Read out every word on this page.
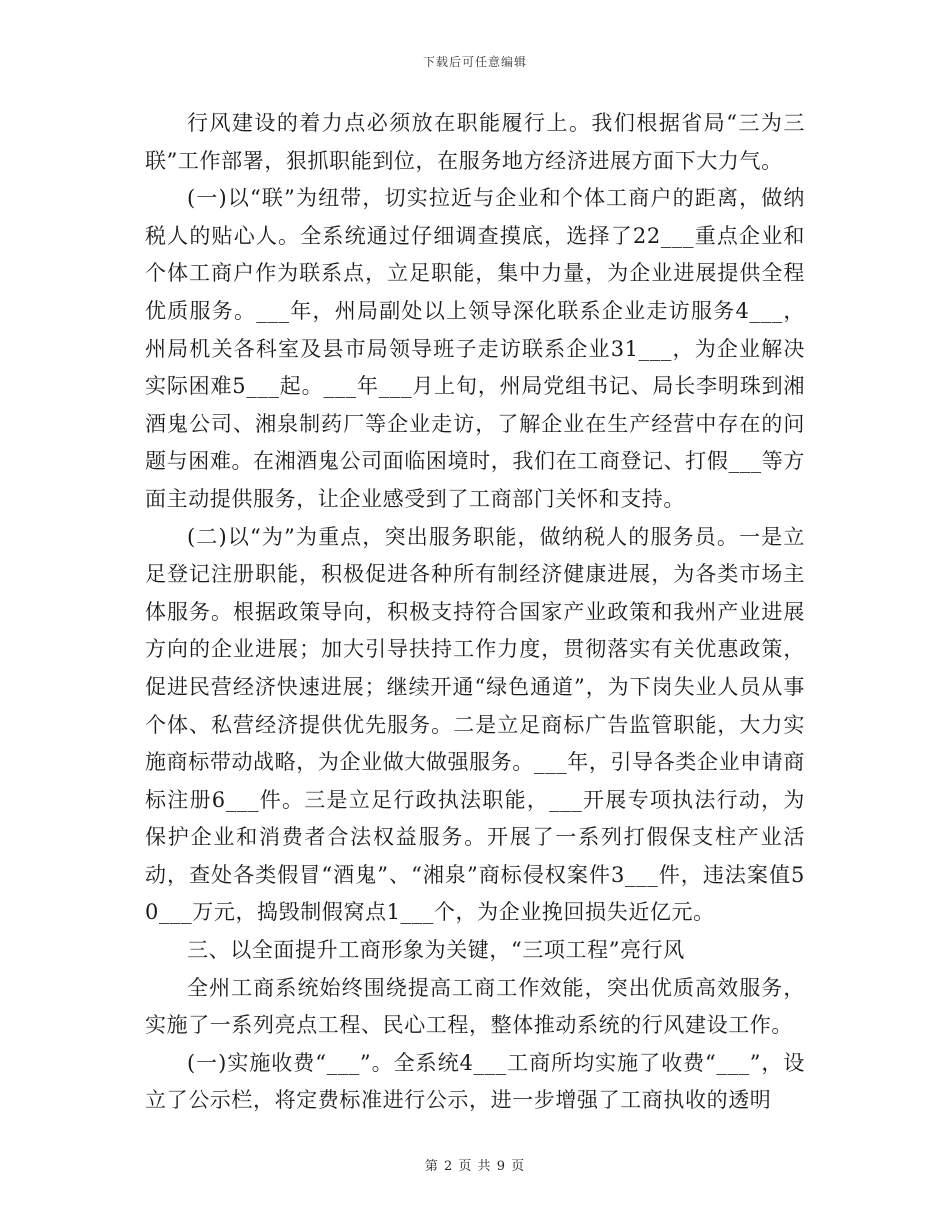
下载后可任意编辑

行风建设的着力点必须放在职能履行上。我们根据省局“三为三联”工作部署，狠抓职能到位，在服务地方经济进展方面下大力气。

(一)以“联”为纽带，切实拉近与企业和个体工商户的距离，做纳税人的贴心人。全系统通过仔细调查摸底，选择了22___重点企业和个体工商户作为联系点，立足职能，集中力量，为企业进展提供全程优质服务。___年，州局副处以上领导深化联系企业走访服务4___，州局机关各科室及县市局领导班子走访联系企业31___，为企业解决实际困难5___起。___年___月上旬，州局党组书记、局长李明珠到湘酒鬼公司、湘泉制药厂等企业走访，了解企业在生产经营中存在的问题与困难。在湘酒鬼公司面临困境时，我们在工商登记、打假___等方面主动提供服务，让企业感受到了工商部门关怀和支持。

(二)以“为”为重点，突出服务职能，做纳税人的服务员。一是立足登记注册职能，积极促进各种所有制经济健康进展，为各类市场主体服务。根据政策导向，积极支持符合国家产业政策和我州产业进展方向的企业进展；加大引导扶持工作力度，贯彻落实有关优惠政策，促进民营经济快速进展；继续开通“绿色通道”，为下岗失业人员从事个体、私营经济提供优先服务。二是立足商标广告监管职能，大力实施商标带动战略，为企业做大做强服务。___年，引导各类企业申请商标注册6___件。三是立足行政执法职能，___开展专项执法行动，为保护企业和消费者合法权益服务。开展了一系列打假保支柱产业活动，查处各类假冒“酒鬼”、“湘泉”商标侵权案件3___件，违法案值50___万元，捣毁制假窝点1___个，为企业挽回损失近亿元。

三、以全面提升工商形象为关键，“三项工程”亮行风

全州工商系统始终围绕提高工商工作效能，突出优质高效服务，实施了一系列亮点工程、民心工程，整体推动系统的行风建设工作。

(一)实施收费“___”。全系统4___工商所均实施了收费“___”，设立了公示栏，将定费标准进行公示，进一步增强了工商执收的透明

第 2 页 共 9 页
